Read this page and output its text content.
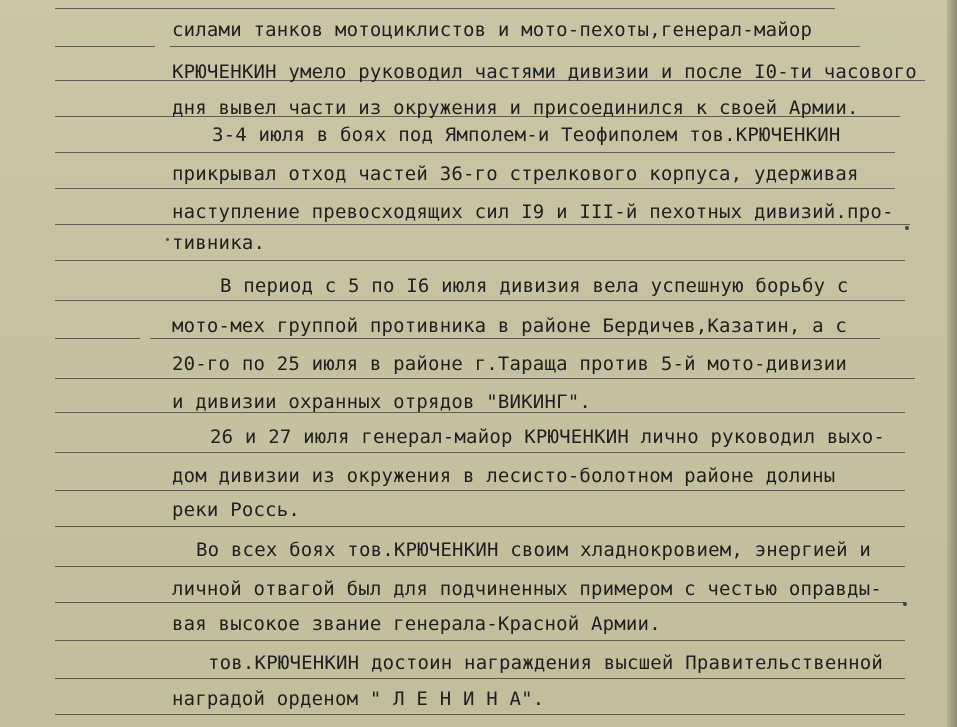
силами танков мотоциклистов и мото-пехоты,генерал-майор
КРЮЧЕНКИН умело руководил частями дивизии и после I0-ти часового
дня вывел части из окружения и присоединился к своей Армии.
3-4 июля в боях под Ямполем-и Теофиполем тов.КРЮЧЕНКИН
прикрывал отход частей 36-го стрелкового корпуса, удерживая
наступление превосходящих сил I9 и III-й пехотных дивизий.про-
тивника.
В период с 5 по I6 июля дивизия вела успешную борьбу с
мото-мех группой противника в районе Бердичев,Казатин, а с
20-го по 25 июля в районе г.Тараща против 5-й мото-дивизии
и дивизии охранных отрядов "ВИКИНГ".
26 и 27 июля генерал-майор КРЮЧЕНКИН лично руководил выхо-
дом дивизии из окружения в лесисто-болотном районе долины
реки Россь.
Во всех боях тов.КРЮЧЕНКИН своим хладнокровием, энергией и
личной отвагой был для подчиненных примером с честью оправды-
вая высокое звание генерала-Красной Армии.
тов.КРЮЧЕНКИН достоин награждения высшей Правительственной
наградой орденом " Л Е Н И Н А".
